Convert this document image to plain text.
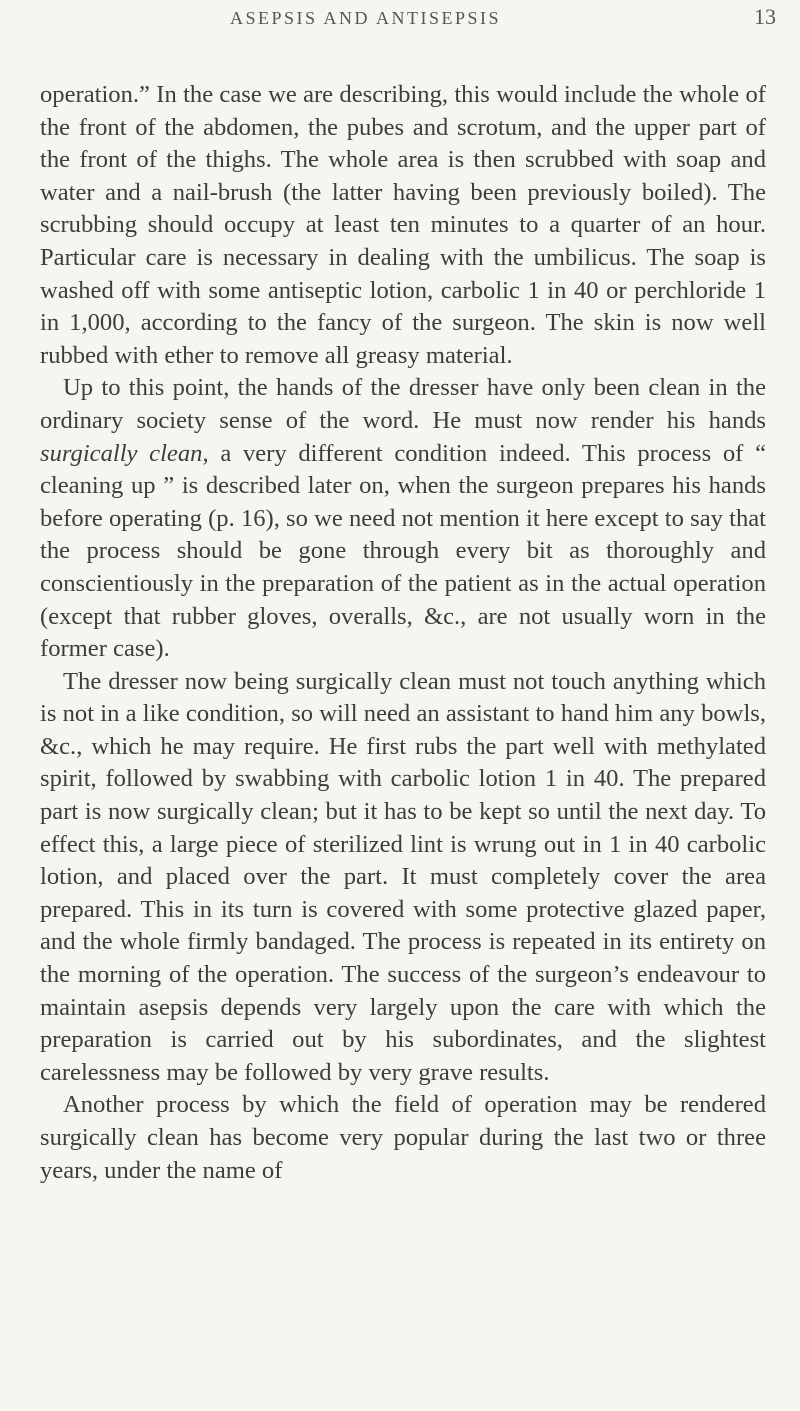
ASEPSIS AND ANTISEPSIS	13

operation.” In the case we are describing, this would include the whole of the front of the abdomen, the pubes and scrotum, and the upper part of the front of the thighs. The whole area is then scrubbed with soap and water and a nail-brush (the latter having been previously boiled). The scrubbing should occupy at least ten minutes to a quarter of an hour. Particular care is necessary in dealing with the umbilicus. The soap is washed off with some antiseptic lotion, carbolic 1 in 40 or perchloride 1 in 1,000, according to the fancy of the surgeon. The skin is now well rubbed with ether to remove all greasy material.

Up to this point, the hands of the dresser have only been clean in the ordinary society sense of the word. He must now render his hands surgically clean, a very different condition indeed. This process of “ cleaning up ” is described later on, when the surgeon prepares his hands before operating (p. 16), so we need not mention it here except to say that the process should be gone through every bit as thoroughly and conscientiously in the preparation of the patient as in the actual operation (except that rubber gloves, overalls, &c., are not usually worn in the former case).

The dresser now being surgically clean must not touch anything which is not in a like condition, so will need an assistant to hand him any bowls, &c., which he may require. He first rubs the part well with methylated spirit, followed by swabbing with carbolic lotion 1 in 40. The prepared part is now surgically clean; but it has to be kept so until the next day. To effect this, a large piece of sterilized lint is wrung out in 1 in 40 carbolic lotion, and placed over the part. It must completely cover the area prepared. This in its turn is covered with some protective glazed paper, and the whole firmly bandaged. The process is repeated in its entirety on the morning of the operation. The success of the surgeon’s endeavour to maintain asepsis depends very largely upon the care with which the preparation is carried out by his subordinates, and the slightest carelessness may be followed by very grave results.

Another process by which the field of operation may be rendered surgically clean has become very popular during the last two or three years, under the name of
